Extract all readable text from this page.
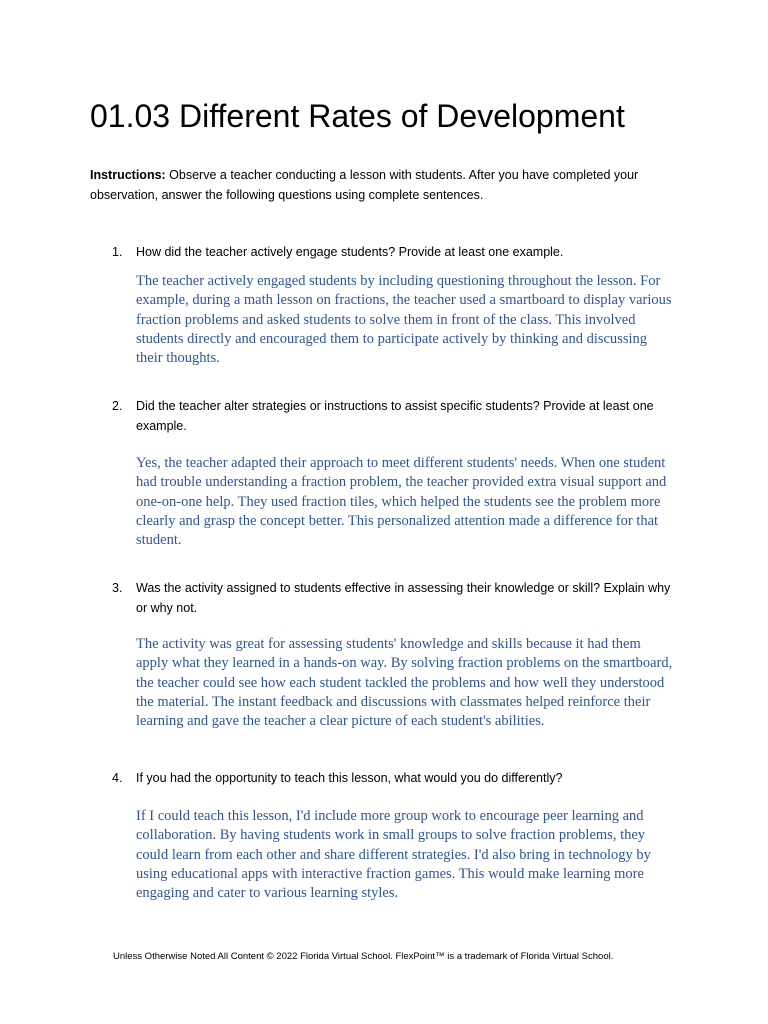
01.03 Different Rates of Development
Instructions: Observe a teacher conducting a lesson with students. After you have completed your observation, answer the following questions using complete sentences.
1. How did the teacher actively engage students? Provide at least one example.
The teacher actively engaged students by including questioning throughout the lesson. For example, during a math lesson on fractions, the teacher used a smartboard to display various fraction problems and asked students to solve them in front of the class. This involved students directly and encouraged them to participate actively by thinking and discussing their thoughts.
2. Did the teacher alter strategies or instructions to assist specific students? Provide at least one example.
Yes, the teacher adapted their approach to meet different students' needs. When one student had trouble understanding a fraction problem, the teacher provided extra visual support and one-on-one help. They used fraction tiles, which helped the students see the problem more clearly and grasp the concept better. This personalized attention made a difference for that student.
3. Was the activity assigned to students effective in assessing their knowledge or skill? Explain why or why not.
The activity was great for assessing students' knowledge and skills because it had them apply what they learned in a hands-on way. By solving fraction problems on the smartboard, the teacher could see how each student tackled the problems and how well they understood the material. The instant feedback and discussions with classmates helped reinforce their learning and gave the teacher a clear picture of each student's abilities.
4. If you had the opportunity to teach this lesson, what would you do differently?
If I could teach this lesson, I'd include more group work to encourage peer learning and collaboration. By having students work in small groups to solve fraction problems, they could learn from each other and share different strategies. I'd also bring in technology by using educational apps with interactive fraction games. This would make learning more engaging and cater to various learning styles.
Unless Otherwise Noted All Content © 2022 Florida Virtual School. FlexPoint™ is a trademark of Florida Virtual School.
